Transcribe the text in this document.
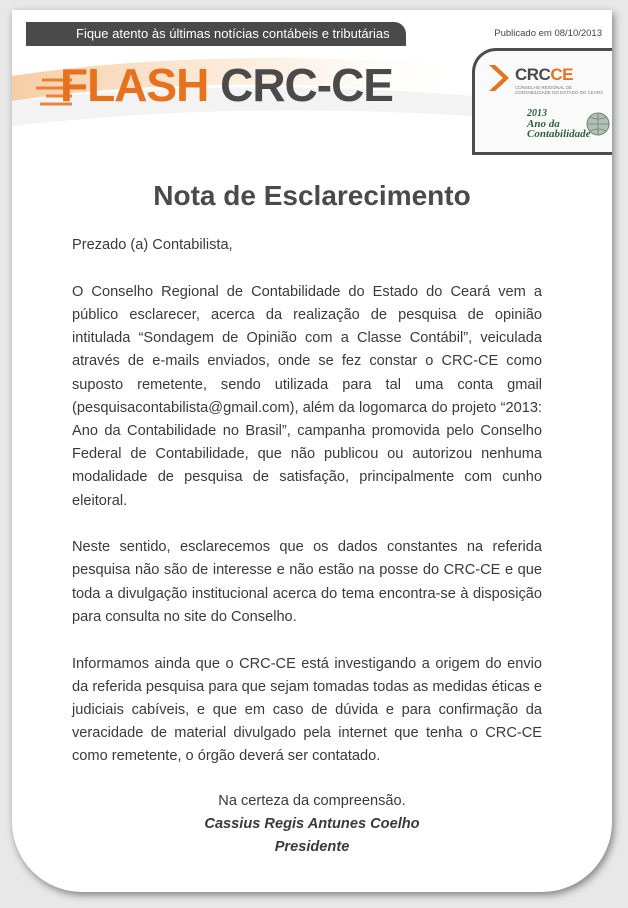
Fique atento às últimas notícias contábeis e tributárias	Publicado em 08/10/2013
FLASH CRC-CE	CRCCE
CONSELHO REGIONAL DE CONTABILIDADE DO ESTADO DO CEARÁ
2013
Ano da
Contabilidade
Nota de Esclarecimento

Prezado (a) Contabilista,

O Conselho Regional de Contabilidade do Estado do Ceará vem a público esclarecer, acerca da realização de pesquisa de opinião intitulada “Sondagem de Opinião com a Classe Contábil”, veiculada através de e-mails enviados, onde se fez constar o CRC-CE como suposto remetente, sendo utilizada para tal uma conta gmail (pesquisacontabilista@gmail.com), além da logomarca do projeto “2013: Ano da Contabilidade no Brasil”, campanha promovida pelo Conselho Federal de Contabilidade, que não publicou ou autorizou nenhuma modalidade de pesquisa de satisfação, principalmente com cunho eleitoral.

Neste sentido, esclarecemos que os dados constantes na referida pesquisa não são de interesse e não estão na posse do CRC-CE e que toda a divulgação institucional acerca do tema encontra-se à disposição para consulta no site do Conselho.

Informamos ainda que o CRC-CE está investigando a origem do envio da referida pesquisa para que sejam tomadas todas as medidas éticas e judiciais cabíveis, e que em caso de dúvida e para confirmação da veracidade de material divulgado pela internet que tenha o CRC-CE como remetente, o órgão deverá ser contatado.

Na certeza da compreensão.
Cassius Regis Antunes Coelho
Presidente
